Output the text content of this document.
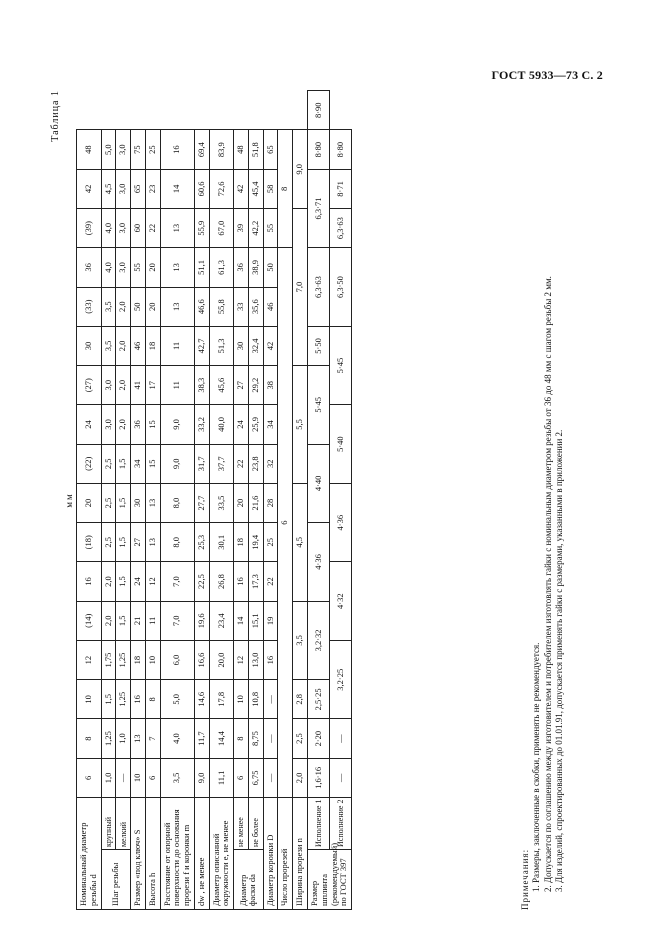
ГОСТ 5933—73 С. 2
Таблица 1
мм
Номинальный диаметр резьбы d		6	8	10	12	(14)	16	(18)	20	(22)	24	(27)	30	(33)	36	(39)	42	48	
Шаг резьбы	крупный	1,0	1,25	1,5	1,75	2,0	2,0	2,5	2,5	2,5	3,0	3,0	3,5	3,5	4,0	4,0	4,5	5,0	
	мелкий	—	1,0	1,25	1,25	1,5	1,5	1,5	1,5	1,5	2,0	2,0	2,0	2,0	3,0	3,0	3,0	3,0	
Размер «под ключ» S		10	13	16	18	21	24	27	30	34	36	41	46	50	55	60	65	75	
Высота h		6	7	8	10	11	12	13	13	15	15	17	18	20	20	22	23	25	
Расстояние от опорной поверхности до основания прорези f и коронки m		3,5	4,0	5,0	6,0	7,0	7,0	8,0	8,0	9,0	9,0	11	11	13	13	13	14	16	
dw , не менее		9,0	11,7	14,6	16,6	19,6	22,5	25,3	27,7	31,7	33,2	38,3	42,7	46,6	51,1	55,9	60,6	69,4	
Диаметр описанной окружности e, не менее		11,1	14,4	17,8	20,0	23,4	26,8	30,1	33,5	37,7	40,0	45,6	51,3	55,8	61,3	67,0	72,6	83,9	
Диаметр фаски da	не менее	6	8	10	12	14	16	18	20	22	24	27	30	33	36	39	42	48	
	не более	6,75	8,75	10,8	13,0	15,1	17,3	19,4	21,6	23,8	25,9	29,2	32,4	35,6	38,9	42,2	45,4	51,8	
Диаметр коронки D		—	—	—	16	19	22	25	28	32	34	38	42	46	50	55	58	65	
Число прорезей		6														8			
Ширина прорези n		2,0	2,5	2,8	3,5		4,5			5,5			7,0				9,0		
Размер шплинта (рекомендуемый) по ГОСТ 397	Исполнение 1	1,6·16	2·20	2,5·25	3,2·32		4·36		4·40		5·45		5·50	6,3·63		6,3·71		8·80	8·90
	Исполнение 2	—	—	3,2·25		4·32		4·36		5·40		5·45		6,3·50		6,3·63	8·71	8·80	
Примечания: 1. Размеры, заключенные в скобки, применять не рекомендуется. 2. Допускается по соглашению между изготовителем и потребителем изготовлять гайки с номинальным диаметром резьбы от 36 до 48 мм с шагом резьбы 2 мм. 3. Для изделий, спроектированных до 01.01.91, допускается применять гайки с размерами, указанными в приложении 2.
